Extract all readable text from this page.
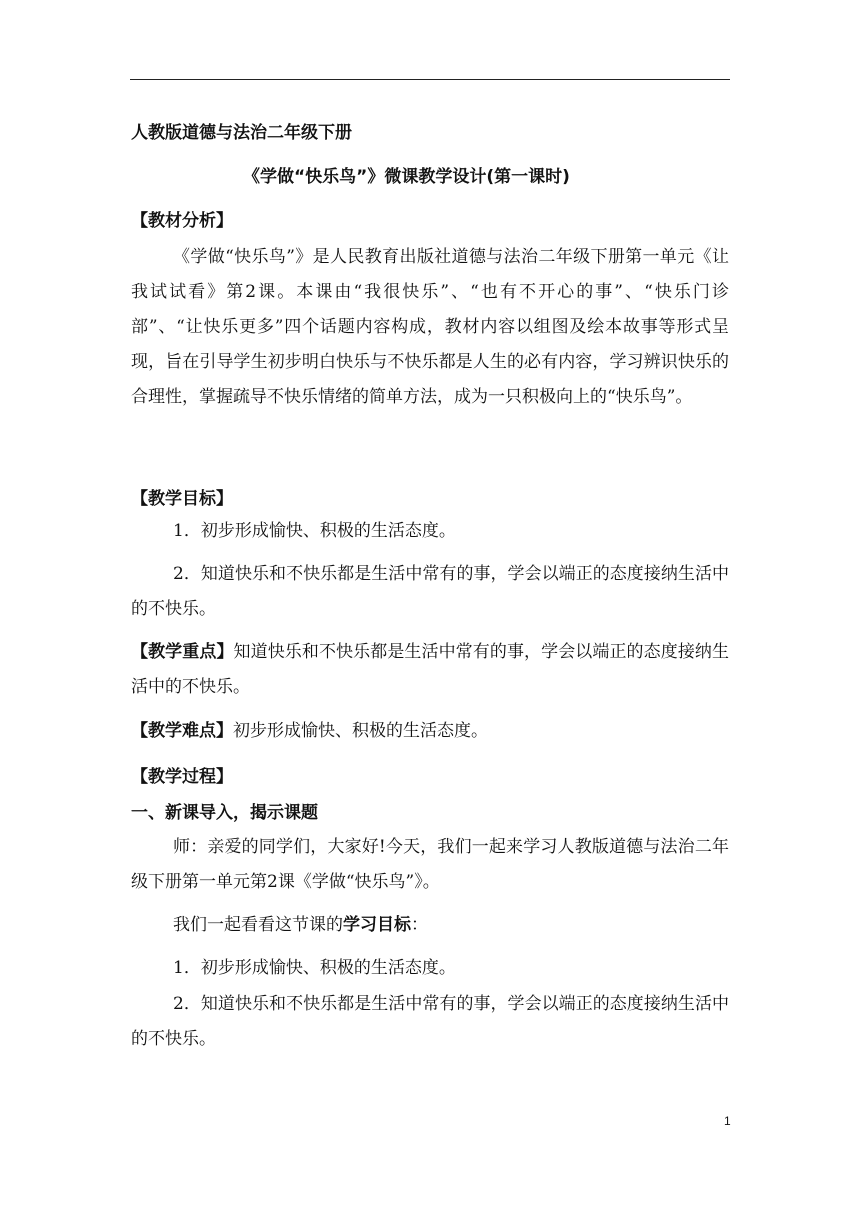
人教版道德与法治二年级下册
《学做“快乐鸟”》微课教学设计(第一课时)
【教材分析】

《学做“快乐鸟”》是人民教育出版社道德与法治二年级下册第一单元《让我试试看》第2课。本课由“我很快乐”、“也有不开心的事”、“快乐门诊部”、“让快乐更多”四个话题内容构成，教材内容以组图及绘本故事等形式呈现，旨在引导学生初步明白快乐与不快乐都是人生的必有内容，学习辨识快乐的合理性，掌握疏导不快乐情绪的简单方法，成为一只积极向上的“快乐鸟”。

【教学目标】

1．初步形成愉快、积极的生活态度。

2．知道快乐和不快乐都是生活中常有的事，学会以端正的态度接纳生活中的不快乐。

【教学重点】知道快乐和不快乐都是生活中常有的事，学会以端正的态度接纳生活中的不快乐。

【教学难点】初步形成愉快、积极的生活态度。

【教学过程】
一、新课导入，揭示课题

师：亲爱的同学们，大家好!今天，我们一起来学习人教版道德与法治二年级下册第一单元第2课《学做“快乐鸟”》。

我们一起看看这节课的学习目标：

1．初步形成愉快、积极的生活态度。

2．知道快乐和不快乐都是生活中常有的事，学会以端正的态度接纳生活中的不快乐。

1
